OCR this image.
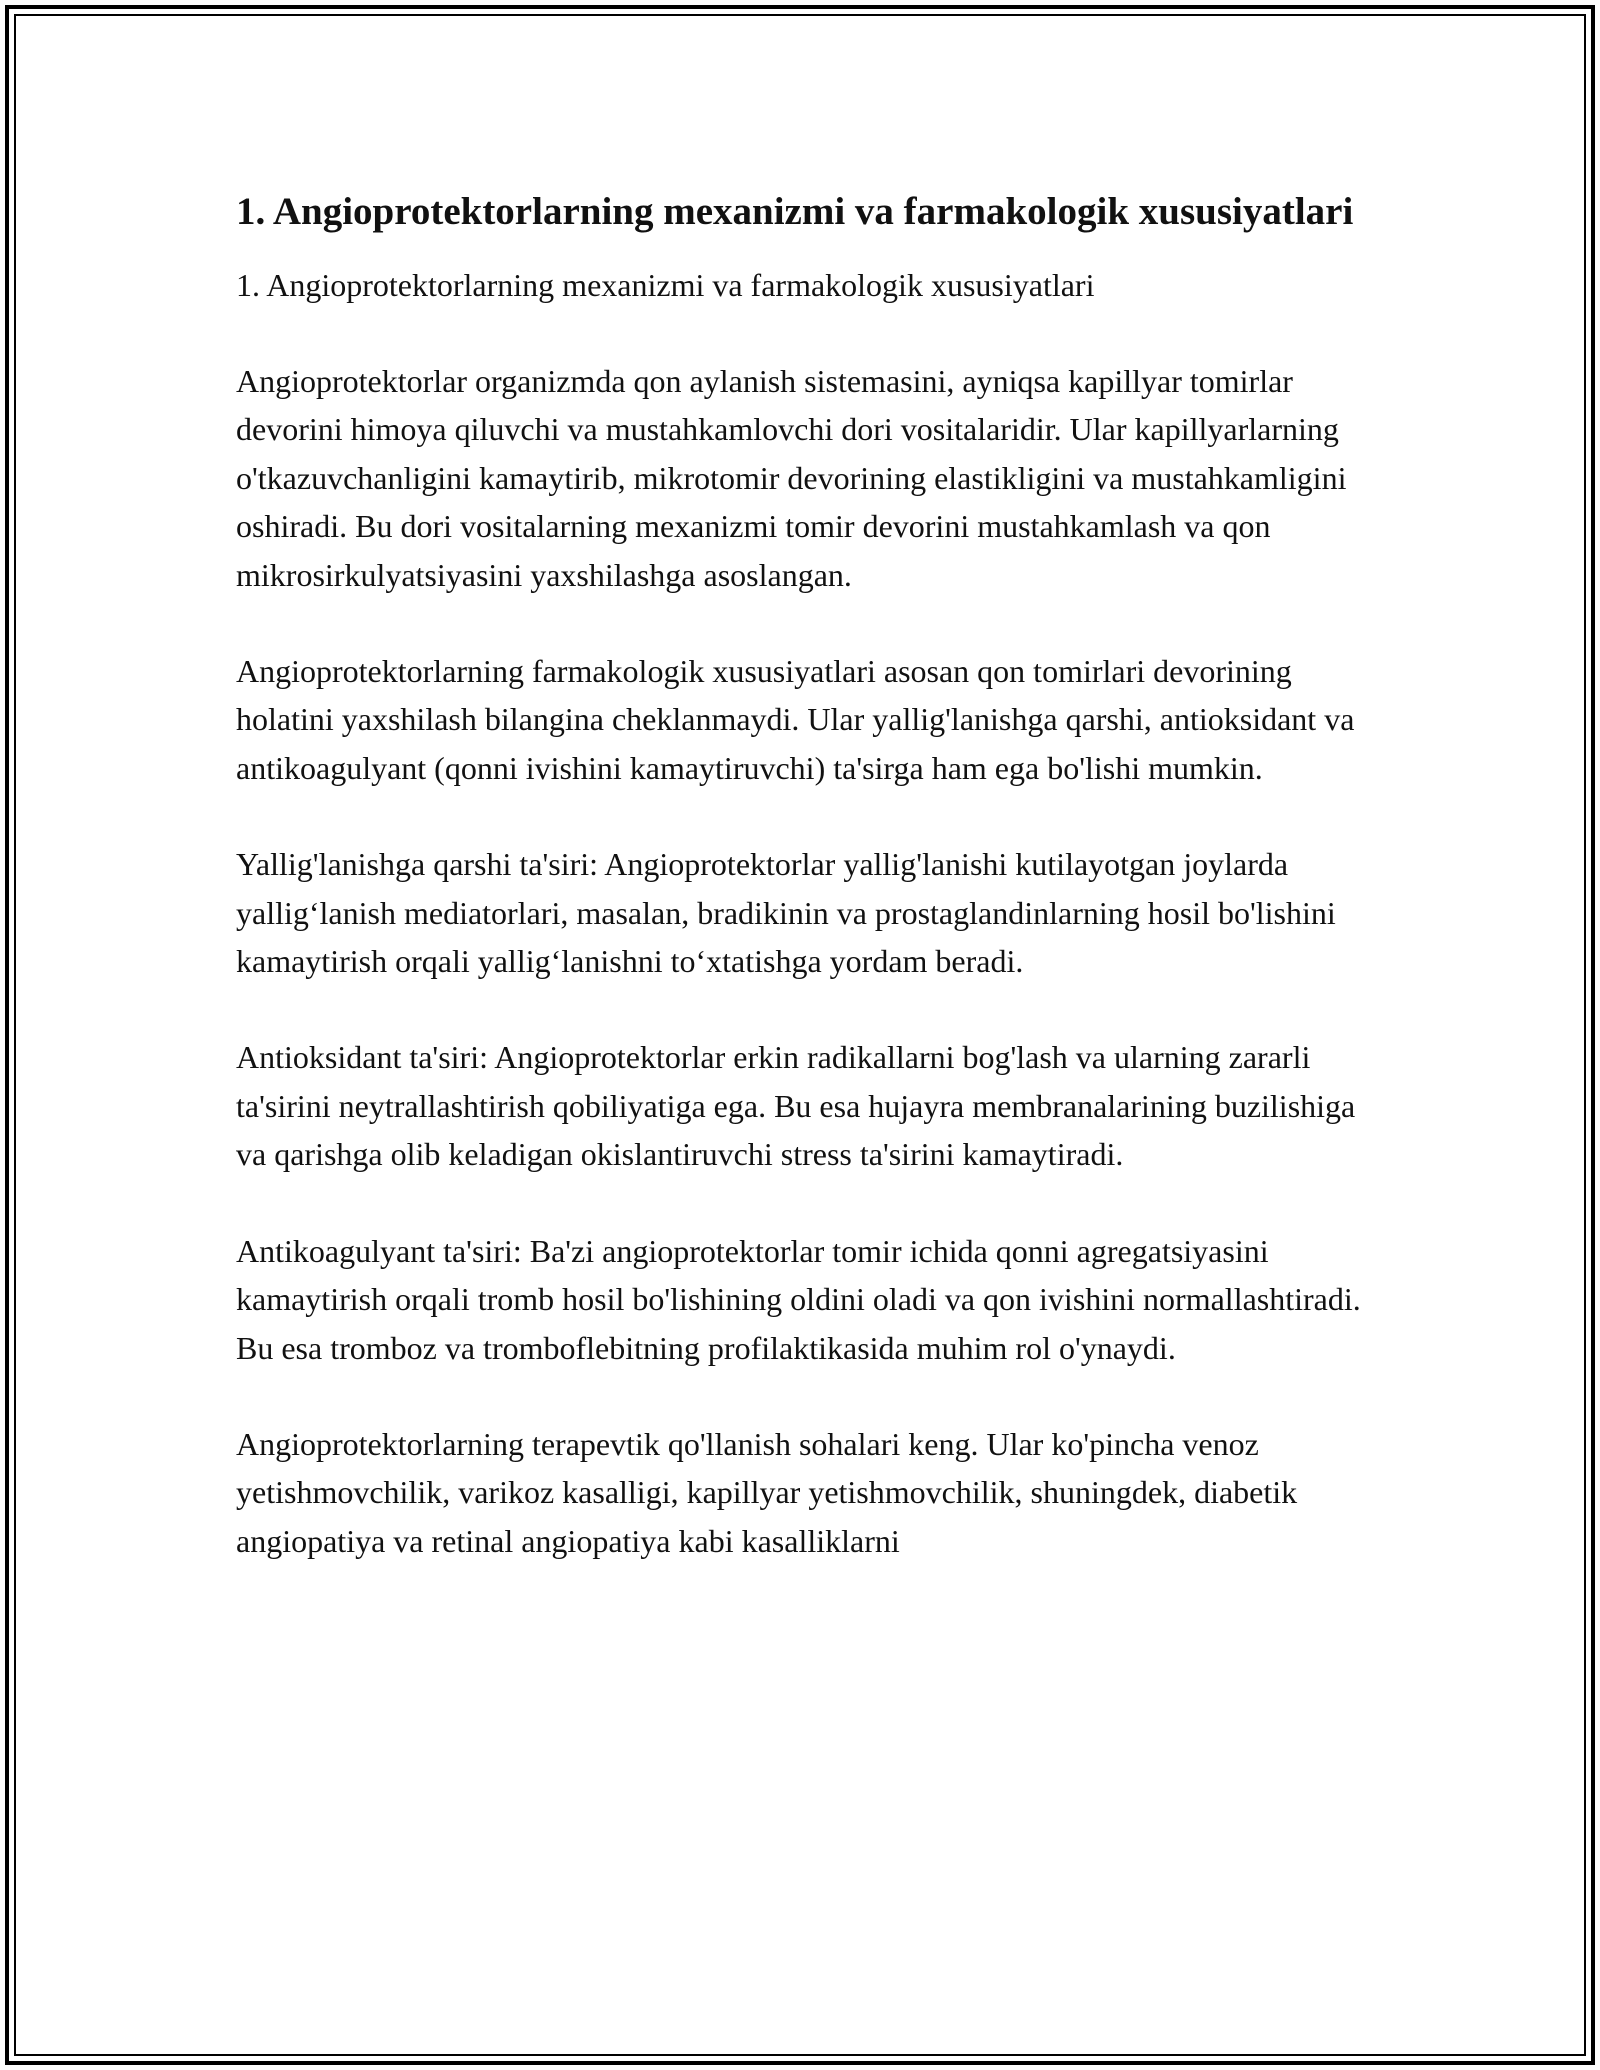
1. Angioprotektorlarning mexanizmi va farmakologik xususiyatlari

1. Angioprotektorlarning mexanizmi va farmakologik xususiyatlari

Angioprotektorlar organizmda qon aylanish sistemasini, ayniqsa kapillyar tomirlar devorini himoya qiluvchi va mustahkamlovchi dori vositalaridir. Ular kapillyarlarning o'tkazuvchanligini kamaytirib, mikrotomir devorining elastikligini va mustahkamligini oshiradi. Bu dori vositalarning mexanizmi tomir devorini mustahkamlash va qon mikrosirkulyatsiyasini yaxshilashga asoslangan.

Angioprotektorlarning farmakologik xususiyatlari asosan qon tomirlari devorining holatini yaxshilash bilangina cheklanmaydi. Ular yallig'lanishga qarshi, antioksidant va antikoagulyant (qonni ivishini kamaytiruvchi) ta'sirga ham ega bo'lishi mumkin.

Yallig'lanishga qarshi ta'siri: Angioprotektorlar yallig'lanishi kutilayotgan joylarda yallig‘lanish mediatorlari, masalan, bradikinin va prostaglandinlarning hosil bo'lishini kamaytirish orqali yallig‘lanishni to‘xtatishga yordam beradi.

Antioksidant ta'siri: Angioprotektorlar erkin radikallarni bog'lash va ularning zararli ta'sirini neytrallashtirish qobiliyatiga ega. Bu esa hujayra membranalarining buzilishiga va qarishga olib keladigan okislantiruvchi stress ta'sirini kamaytiradi.

Antikoagulyant ta'siri: Ba'zi angioprotektorlar tomir ichida qonni agregatsiyasini kamaytirish orqali tromb hosil bo'lishining oldini oladi va qon ivishini normallashtiradi. Bu esa tromboz va tromboflebitning profilaktikasida muhim rol o'ynaydi.

Angioprotektorlarning terapevtik qo'llanish sohalari keng. Ular ko'pincha venoz yetishmovchilik, varikoz kasalligi, kapillyar yetishmovchilik, shuningdek, diabetik angiopatiya va retinal angiopatiya kabi kasalliklarni
